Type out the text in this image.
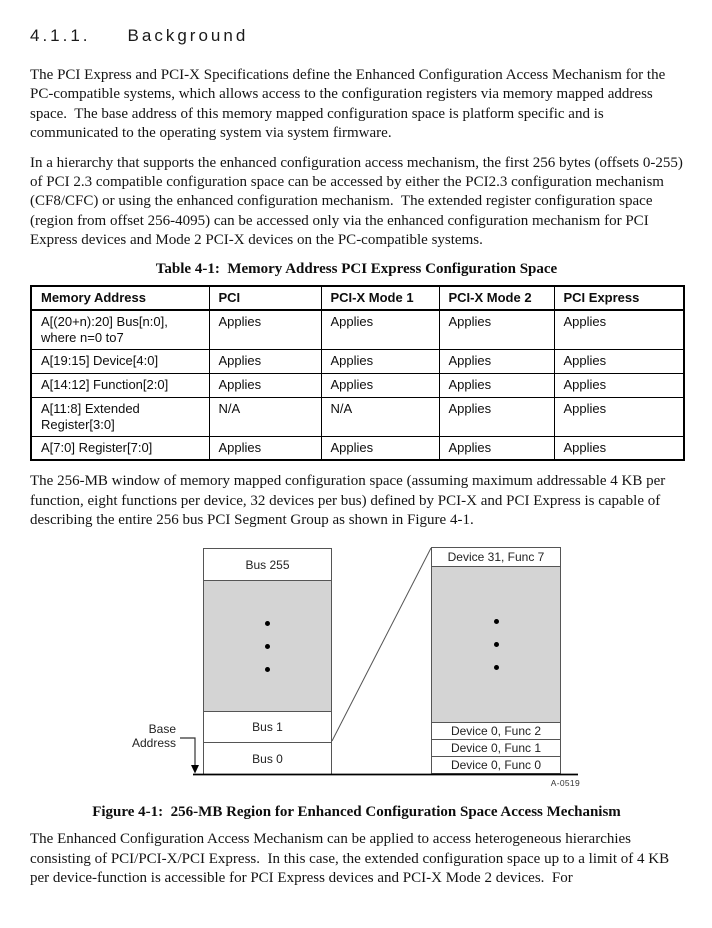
4.1.1. Background

The PCI Express and PCI-X Specifications define the Enhanced Configuration Access Mechanism for the PC-compatible systems, which allows access to the configuration registers via memory mapped address space.  The base address of this memory mapped configuration space is platform specific and is communicated to the operating system via system firmware.

In a hierarchy that supports the enhanced configuration access mechanism, the first 256 bytes (offsets 0-255) of PCI 2.3 compatible configuration space can be accessed by either the PCI2.3 configuration mechanism (CF8/CFC) or using the enhanced configuration mechanism.  The extended register configuration space (region from offset 256-4095) can be accessed only via the enhanced configuration mechanism for PCI Express devices and Mode 2 PCI-X devices on the PC-compatible systems.

Table 4-1:  Memory Address PCI Express Configuration Space
Memory Address	PCI	PCI-X Mode 1	PCI-X Mode 2	PCI Express
A[(20+n):20] Bus[n:0], where n=0 to7	Applies	Applies	Applies	Applies
A[19:15] Device[4:0]	Applies	Applies	Applies	Applies
A[14:12] Function[2:0]	Applies	Applies	Applies	Applies
A[11:8] Extended Register[3:0]	N/A	N/A	Applies	Applies
A[7:0] Register[7:0]	Applies	Applies	Applies	Applies

The 256-MB window of memory mapped configuration space (assuming maximum addressable 4 KB per function, eight functions per device, 32 devices per bus) defined by PCI-X and PCI Express is capable of describing the entire 256 bus PCI Segment Group as shown in Figure 4-1.

Bus 255
Bus 1
Bus 0
Device 31, Func 7
Device 0, Func 2
Device 0, Func 1
Device 0, Func 0
Base
Address
A-0519
Figure 4-1:  256-MB Region for Enhanced Configuration Space Access Mechanism

The Enhanced Configuration Access Mechanism can be applied to access heterogeneous hierarchies consisting of PCI/PCI-X/PCI Express.  In this case, the extended configuration space up to a limit of 4 KB per device-function is accessible for PCI Express devices and PCI-X Mode 2 devices.  For
